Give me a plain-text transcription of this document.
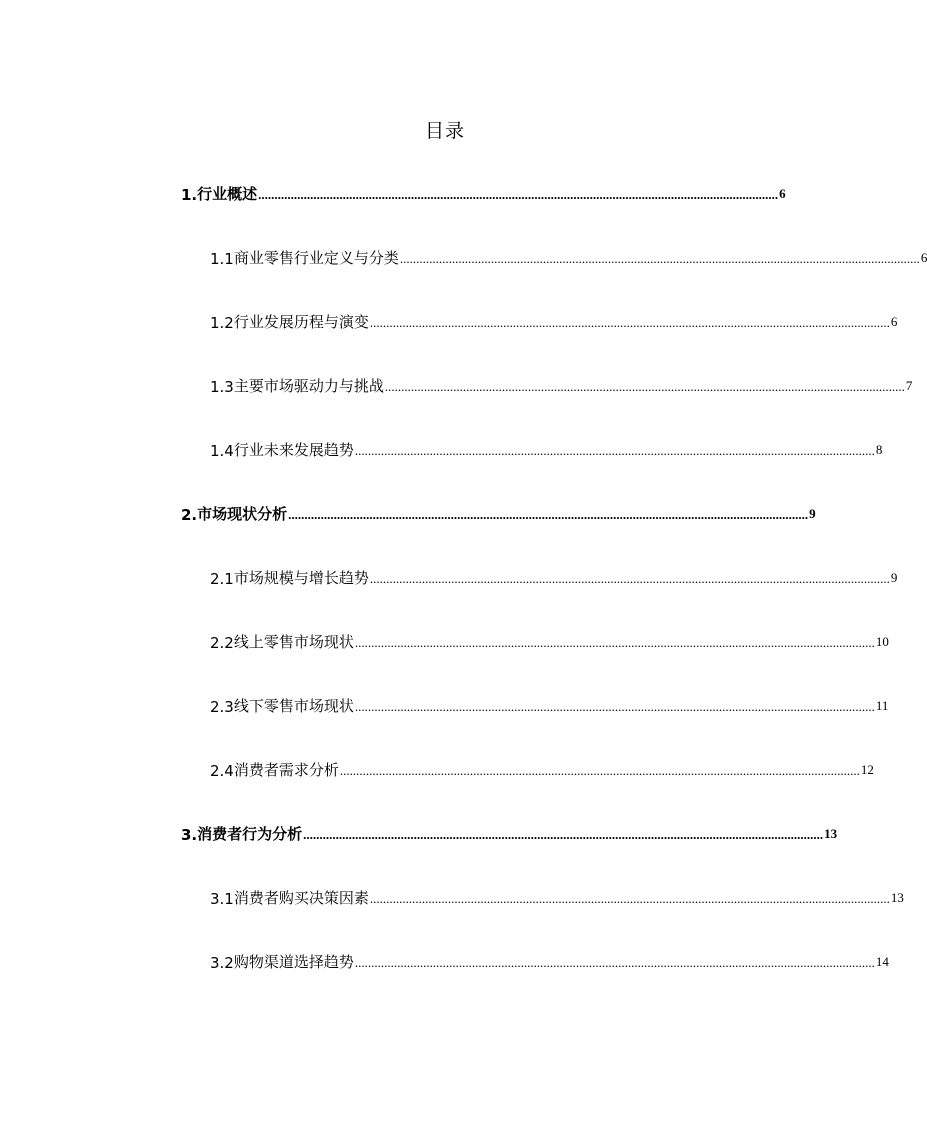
目录
1. 行业概述 ................................................................................................................................................................ 6
1.1 商业零售行业定义与分类 ................................................................................................................................................................ 6
1.2 行业发展历程与演变 ................................................................................................................................................................ 6
1.3 主要市场驱动力与挑战 ................................................................................................................................................................ 7
1.4 行业未来发展趋势 ................................................................................................................................................................ 8
2. 市场现状分析 ................................................................................................................................................................ 9
2.1 市场规模与增长趋势 ................................................................................................................................................................ 9
2.2 线上零售市场现状 ................................................................................................................................................................ 10
2.3 线下零售市场现状 ................................................................................................................................................................ 11
2.4 消费者需求分析 ................................................................................................................................................................ 12
3. 消费者行为分析 ................................................................................................................................................................ 13
3.1 消费者购买决策因素 ................................................................................................................................................................ 13
3.2 购物渠道选择趋势 ................................................................................................................................................................ 14
